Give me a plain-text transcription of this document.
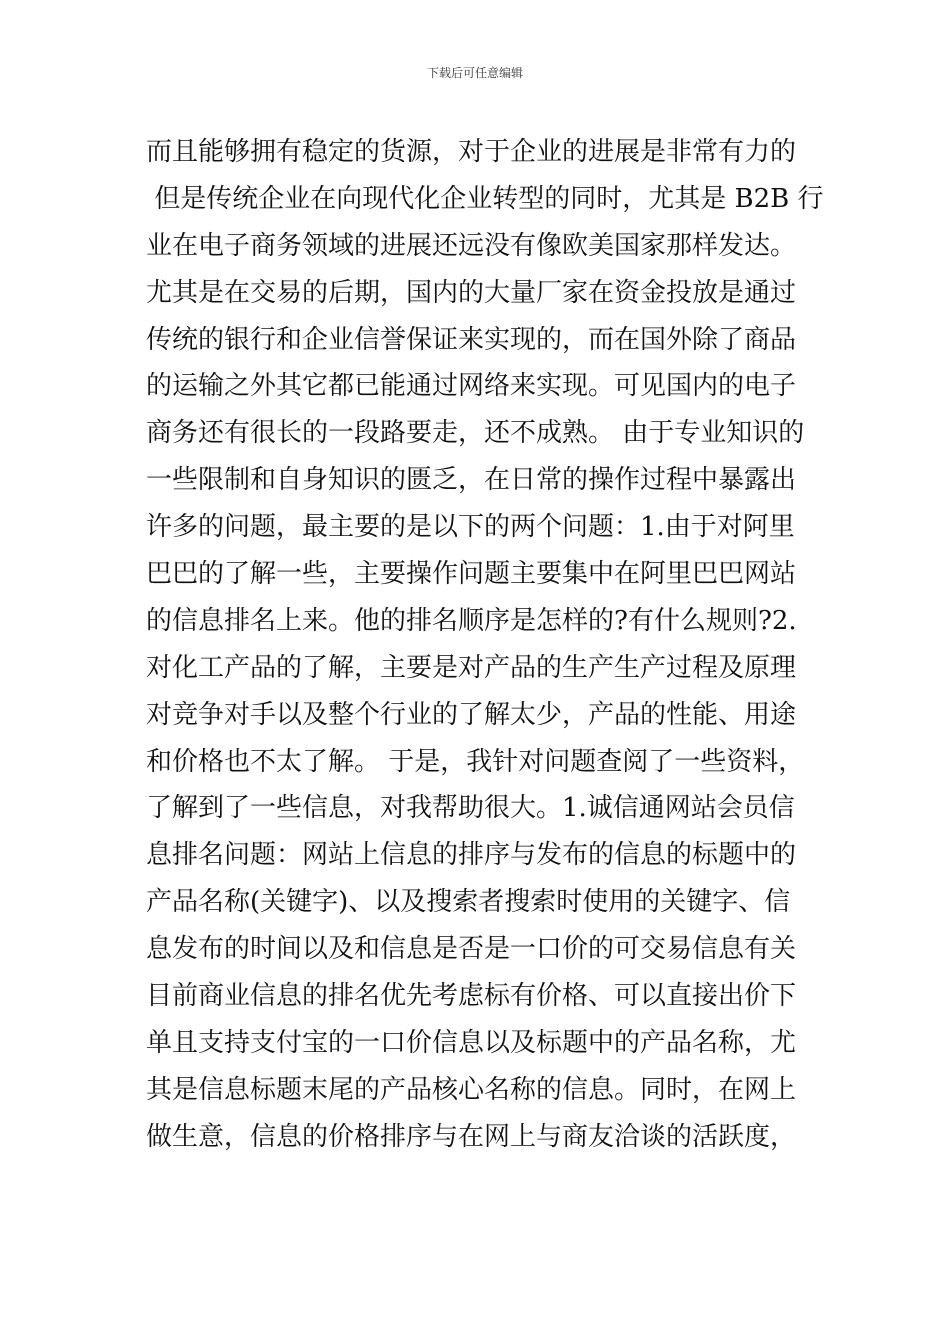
下载后可任意编辑
而且能够拥有稳定的货源，对于企业的进展是非常有力的
但是传统企业在向现代化企业转型的同时，尤其是 B2B 行
业在电子商务领域的进展还远没有像欧美国家那样发达。
尤其是在交易的后期，国内的大量厂家在资金投放是通过
传统的银行和企业信誉保证来实现的，而在国外除了商品
的运输之外其它都已能通过网络来实现。可见国内的电子
商务还有很长的一段路要走，还不成熟。 由于专业知识的
一些限制和自身知识的匮乏，在日常的操作过程中暴露出
许多的问题，最主要的是以下的两个问题：1.由于对阿里
巴巴的了解一些，主要操作问题主要集中在阿里巴巴网站
的信息排名上来。他的排名顺序是怎样的?有什么规则?2.
对化工产品的了解，主要是对产品的生产生产过程及原理
对竞争对手以及整个行业的了解太少，产品的性能、用途
和价格也不太了解。 于是，我针对问题查阅了一些资料，
了解到了一些信息，对我帮助很大。1.诚信通网站会员信
息排名问题：网站上信息的排序与发布的信息的标题中的
产品名称(关键字)、以及搜索者搜索时使用的关键字、信
息发布的时间以及和信息是否是一口价的可交易信息有关
目前商业信息的排名优先考虑标有价格、可以直接出价下
单且支持支付宝的一口价信息以及标题中的产品名称，尤
其是信息标题末尾的产品核心名称的信息。同时，在网上
做生意，信息的价格排序与在网上与商友洽谈的活跃度，
